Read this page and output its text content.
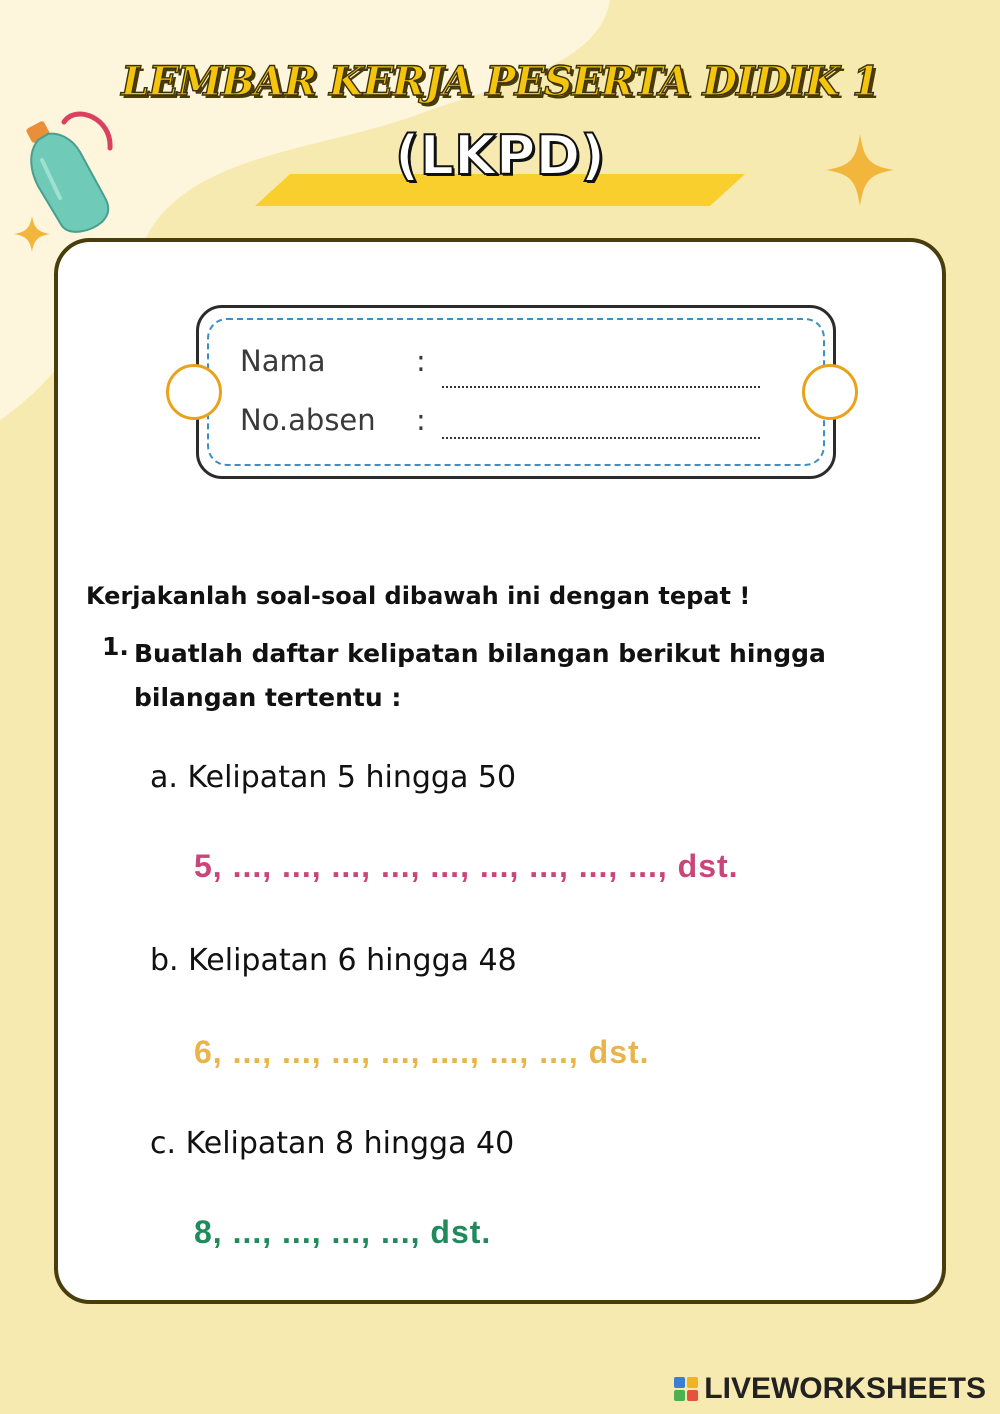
LEMBAR KERJA PESERTA DIDIK 1
(LKPD)
Nama	:
No.absen :
Kerjakanlah soal-soal dibawah ini dengan tepat !
1. Buatlah daftar kelipatan bilangan berikut hingga bilangan tertentu :
a. Kelipatan 5 hingga 50
5, ..., ..., ..., ..., ..., ..., ..., ..., ..., dst.
b. Kelipatan 6 hingga 48
6, ..., ..., ..., ..., ...., ..., ..., dst.
c. Kelipatan 8 hingga 40
8, ..., ..., ..., ..., dst.
LIVEWORKSHEETS
